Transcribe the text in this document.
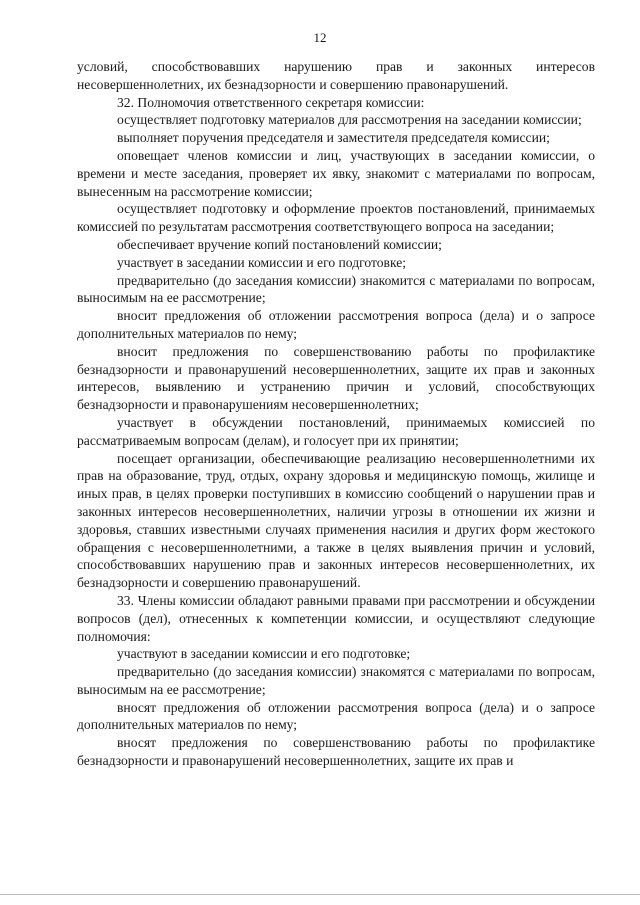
12

условий, способствовавших нарушению прав и законных интересов несовершеннолетних, их безнадзорности и совершению правонарушений.

32. Полномочия ответственного секретаря комиссии:

осуществляет подготовку материалов для рассмотрения на заседании комиссии;

выполняет поручения председателя и заместителя председателя комиссии;

оповещает членов комиссии и лиц, участвующих в заседании комиссии, о времени и месте заседания, проверяет их явку, знакомит с материалами по вопросам, вынесенным на рассмотрение комиссии;

осуществляет подготовку и оформление проектов постановлений, принимаемых комиссией по результатам рассмотрения соответствующего вопроса на заседании;

обеспечивает вручение копий постановлений комиссии;

участвует в заседании комиссии и его подготовке;

предварительно (до заседания комиссии) знакомится с материалами по вопросам, выносимым на ее рассмотрение;

вносит предложения об отложении рассмотрения вопроса (дела) и о запросе дополнительных материалов по нему;

вносит предложения по совершенствованию работы по профилактике безнадзорности и правонарушений несовершеннолетних, защите их прав и законных интересов, выявлению и устранению причин и условий, способствующих безнадзорности и правонарушениям несовершеннолетних;

участвует в обсуждении постановлений, принимаемых комиссией по рассматриваемым вопросам (делам), и голосует при их принятии;

посещает организации, обеспечивающие реализацию несовершеннолетними их прав на образование, труд, отдых, охрану здоровья и медицинскую помощь, жилище и иных прав, в целях проверки поступивших в комиссию сообщений о нарушении прав и законных интересов несовершеннолетних, наличии угрозы в отношении их жизни и здоровья, ставших известными случаях применения насилия и других форм жестокого обращения с несовершеннолетними, а также в целях выявления причин и условий, способствовавших нарушению прав и законных интересов несовершеннолетних, их безнадзорности и совершению правонарушений.

33. Члены комиссии обладают равными правами при рассмотрении и обсуждении вопросов (дел), отнесенных к компетенции комиссии, и осуществляют следующие полномочия:

участвуют в заседании комиссии и его подготовке;

предварительно (до заседания комиссии) знакомятся с материалами по вопросам, выносимым на ее рассмотрение;

вносят предложения об отложении рассмотрения вопроса (дела) и о запросе дополнительных материалов по нему;

вносят предложения по совершенствованию работы по профилактике безнадзорности и правонарушений несовершеннолетних, защите их прав и
